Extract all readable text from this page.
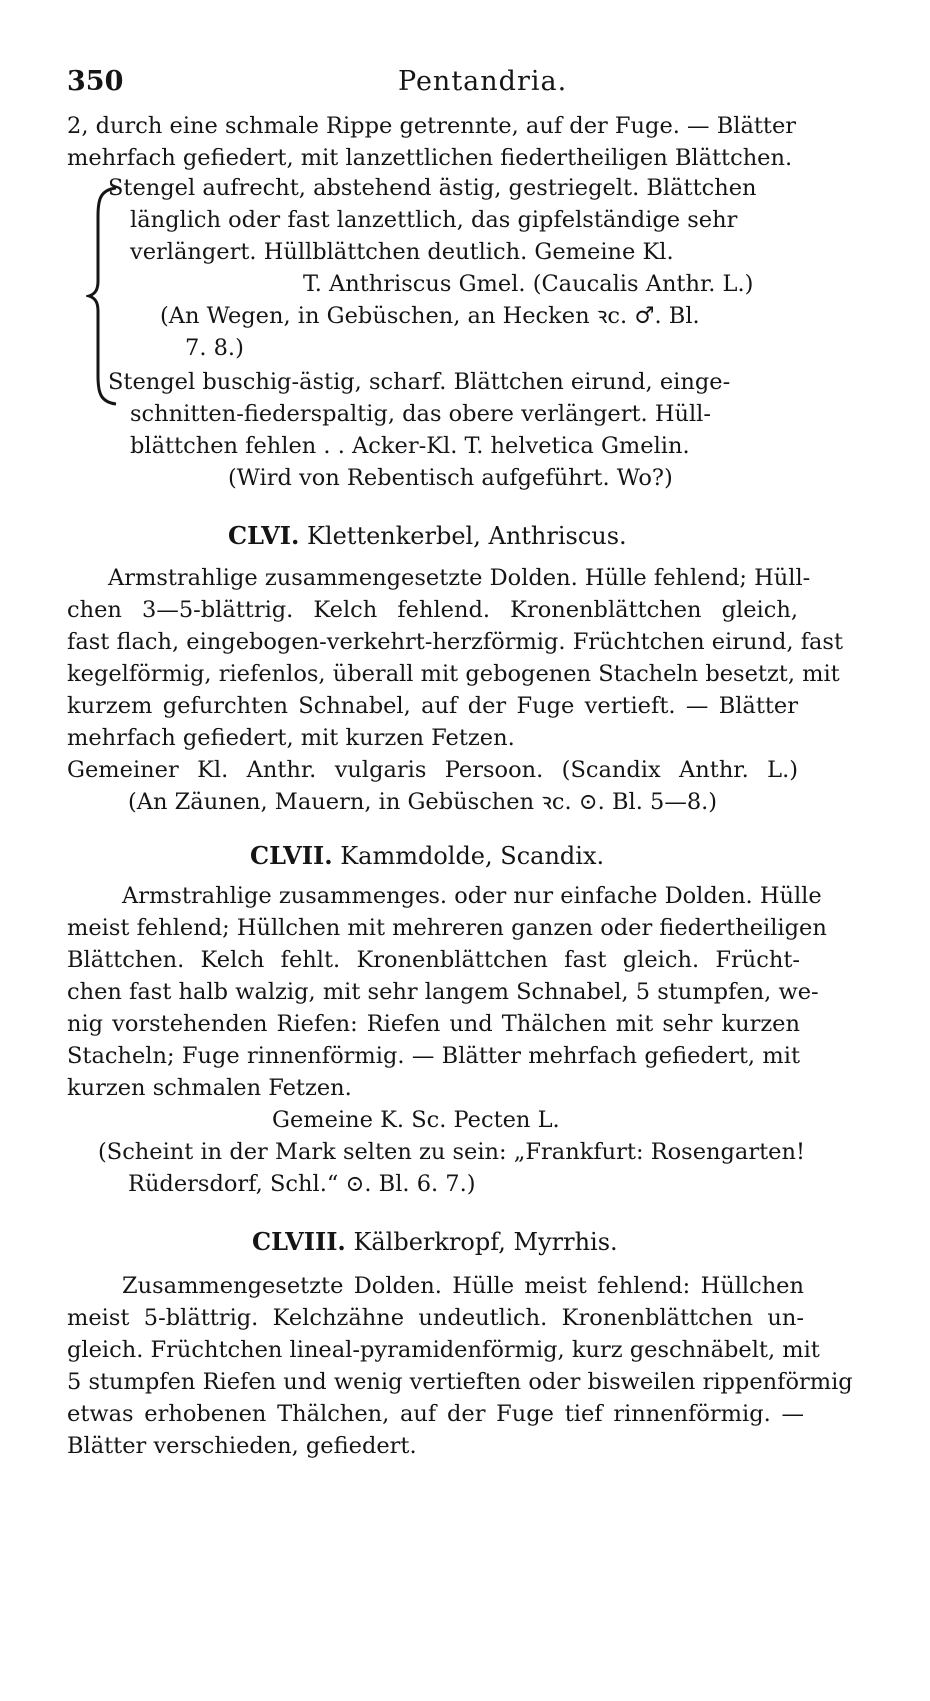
350	Pentandria.
2, durch eine schmale Rippe getrennte, auf der Fuge. — Blätter
mehrfach gefiedert, mit lanzettlichen fiedertheiligen Blättchen.
Stengel aufrecht, abstehend ästig, gestriegelt. Blättchen
länglich oder fast lanzettlich, das gipfelständige sehr
verlängert. Hüllblättchen deutlich. Gemeine Kl.
T. Anthriscus Gmel. (Caucalis Anthr. L.)
(An Wegen, in Gebüschen, an Hecken ꝛc. ♂. Bl.
7. 8.)
Stengel buschig-ästig, scharf. Blättchen eirund, einge-
schnitten-fiederspaltig, das obere verlängert. Hüll-
blättchen fehlen . . Acker-Kl. T. helvetica Gmelin.
(Wird von Rebentisch aufgeführt. Wo?)
CLVI. Klettenkerbel, Anthriscus.
Armstrahlige zusammengesetzte Dolden. Hülle fehlend; Hüll-
chen 3—5-blättrig. Kelch fehlend. Kronenblättchen gleich,
fast flach, eingebogen-verkehrt-herzförmig. Früchtchen eirund, fast
kegelförmig, riefenlos, überall mit gebogenen Stacheln besetzt, mit
kurzem gefurchten Schnabel, auf der Fuge vertieft. — Blätter
mehrfach gefiedert, mit kurzen Fetzen.
Gemeiner Kl. Anthr. vulgaris Persoon. (Scandix Anthr. L.)
(An Zäunen, Mauern, in Gebüschen ꝛc. ⊙. Bl. 5—8.)
CLVII. Kammdolde, Scandix.
Armstrahlige zusammenges. oder nur einfache Dolden. Hülle
meist fehlend; Hüllchen mit mehreren ganzen oder fiedertheiligen
Blättchen. Kelch fehlt. Kronenblättchen fast gleich. Frücht-
chen fast halb walzig, mit sehr langem Schnabel, 5 stumpfen, we-
nig vorstehenden Riefen: Riefen und Thälchen mit sehr kurzen
Stacheln; Fuge rinnenförmig. — Blätter mehrfach gefiedert, mit
kurzen schmalen Fetzen.
Gemeine K. Sc. Pecten L.
(Scheint in der Mark selten zu sein: „Frankfurt: Rosengarten!
Rüdersdorf, Schl.“ ⊙. Bl. 6. 7.)
CLVIII. Kälberkropf, Myrrhis.
Zusammengesetzte Dolden. Hülle meist fehlend: Hüllchen
meist 5-blättrig. Kelchzähne undeutlich. Kronenblättchen un-
gleich. Früchtchen lineal-pyramidenförmig, kurz geschnäbelt, mit
5 stumpfen Riefen und wenig vertieften oder bisweilen rippenförmig
etwas erhobenen Thälchen, auf der Fuge tief rinnenförmig. —
Blätter verschieden, gefiedert.
